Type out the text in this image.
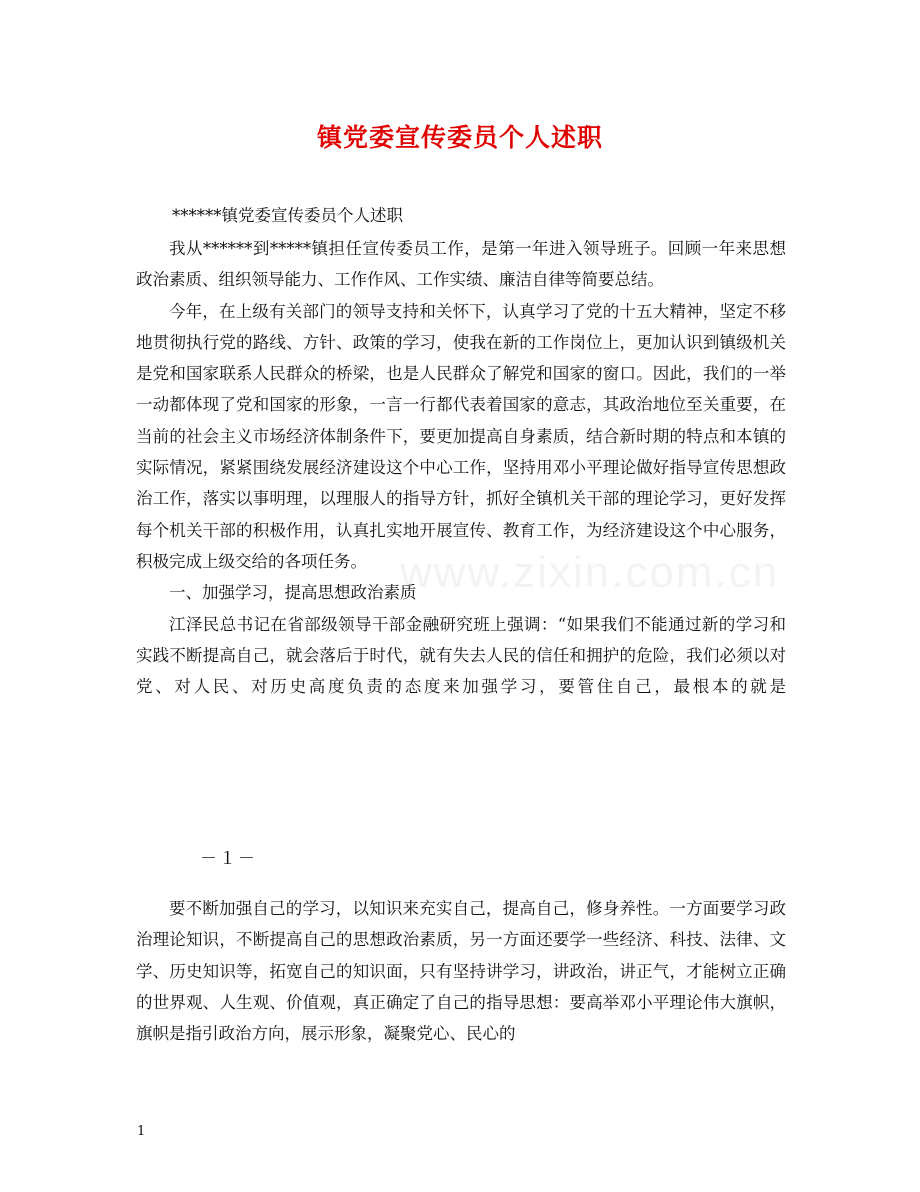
www.zixin.com.cn
镇党委宣传委员个人述职
******镇党委宣传委员个人述职

我从******到*****镇担任宣传委员工作，是第一年进入领导班子。回顾一年来思想政治素质、组织领导能力、工作作风、工作实绩、廉洁自律等简要总结。

今年，在上级有关部门的领导支持和关怀下，认真学习了党的十五大精神，坚定不移地贯彻执行党的路线、方针、政策的学习，使我在新的工作岗位上，更加认识到镇级机关是党和国家联系人民群众的桥梁，也是人民群众了解党和国家的窗口。因此，我们的一举一动都体现了党和国家的形象，一言一行都代表着国家的意志，其政治地位至关重要，在当前的社会主义市场经济体制条件下，要更加提高自身素质，结合新时期的特点和本镇的实际情况，紧紧围绕发展经济建设这个中心工作，坚持用邓小平理论做好指导宣传思想政治工作，落实以事明理，以理服人的指导方针，抓好全镇机关干部的理论学习，更好发挥每个机关干部的积极作用，认真扎实地开展宣传、教育工作，为经济建设这个中心服务，积极完成上级交给的各项任务。

一、加强学习，提高思想政治素质

江泽民总书记在省部级领导干部金融研究班上强调：“如果我们不能通过新的学习和实践不断提高自己，就会落后于时代，就有失去人民的信任和拥护的危险，我们必须以对党、对人民、对历史高度负责的态度来加强学习，要管住自己，最根本的就是

－１－

要不断加强自己的学习，以知识来充实自己，提高自己，修身养性。一方面要学习政治理论知识，不断提高自己的思想政治素质，另一方面还要学一些经济、科技、法律、文学、历史知识等，拓宽自己的知识面，只有坚持讲学习，讲政治，讲正气，才能树立正确的世界观、人生观、价值观，真正确定了自己的指导思想：要高举邓小平理论伟大旗帜，旗帜是指引政治方向，展示形象，凝聚党心、民心的

1
